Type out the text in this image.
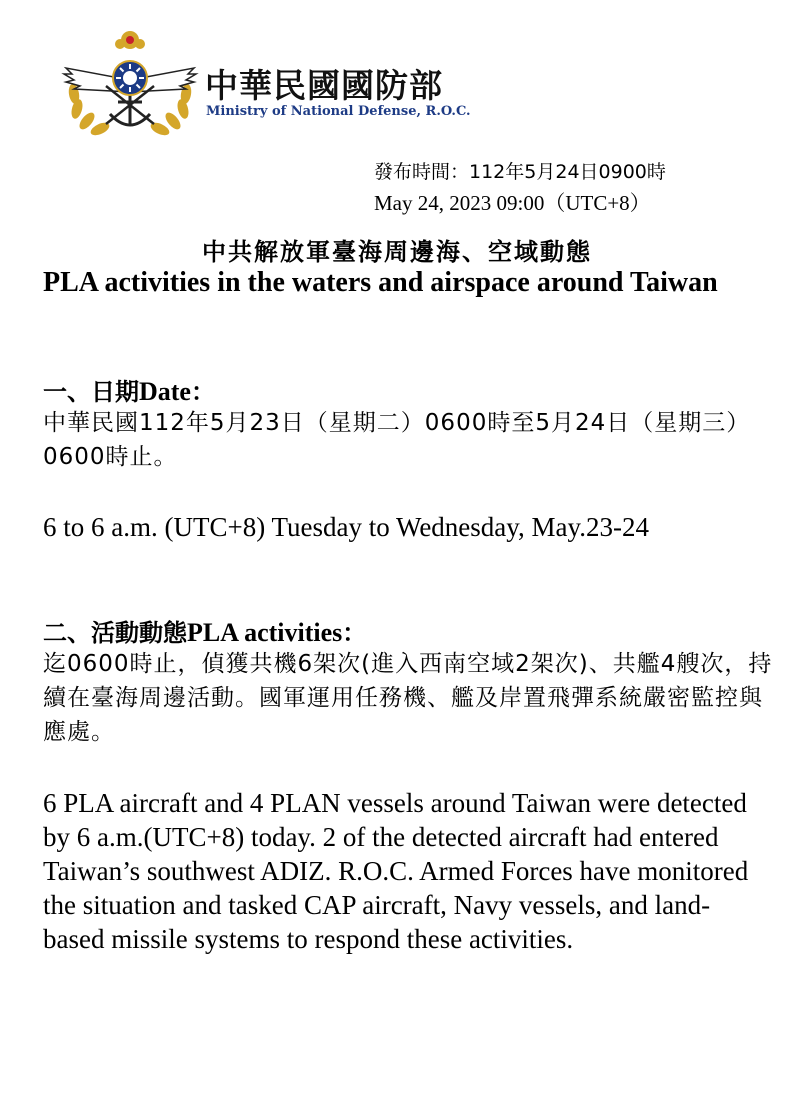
中華民國國防部
Ministry of National Defense, R.O.C.
發布時間：112年5月24日0900時
May 24, 2023 09:00（UTC+8）
中共解放軍臺海周邊海、空域動態
PLA activities in the waters and airspace around Taiwan
一、日期Date：

中華民國112年5月23日（星期二）0600時至5月24日（星期三）0600時止。

6 to 6 a.m. (UTC+8) Tuesday to Wednesday, May.23-24

二、活動動態PLA activities：

迄0600時止，偵獲共機6架次(進入西南空域2架次)、共艦4艘次，持續在臺海周邊活動。國軍運用任務機、艦及岸置飛彈系統嚴密監控與應處。

6 PLA aircraft and 4 PLAN vessels around Taiwan were detected by 6 a.m.(UTC+8) today. 2 of the detected aircraft had entered Taiwan’s southwest ADIZ. R.O.C. Armed Forces have monitored the situation and tasked CAP aircraft, Navy vessels, and land-based missile systems to respond these activities.
